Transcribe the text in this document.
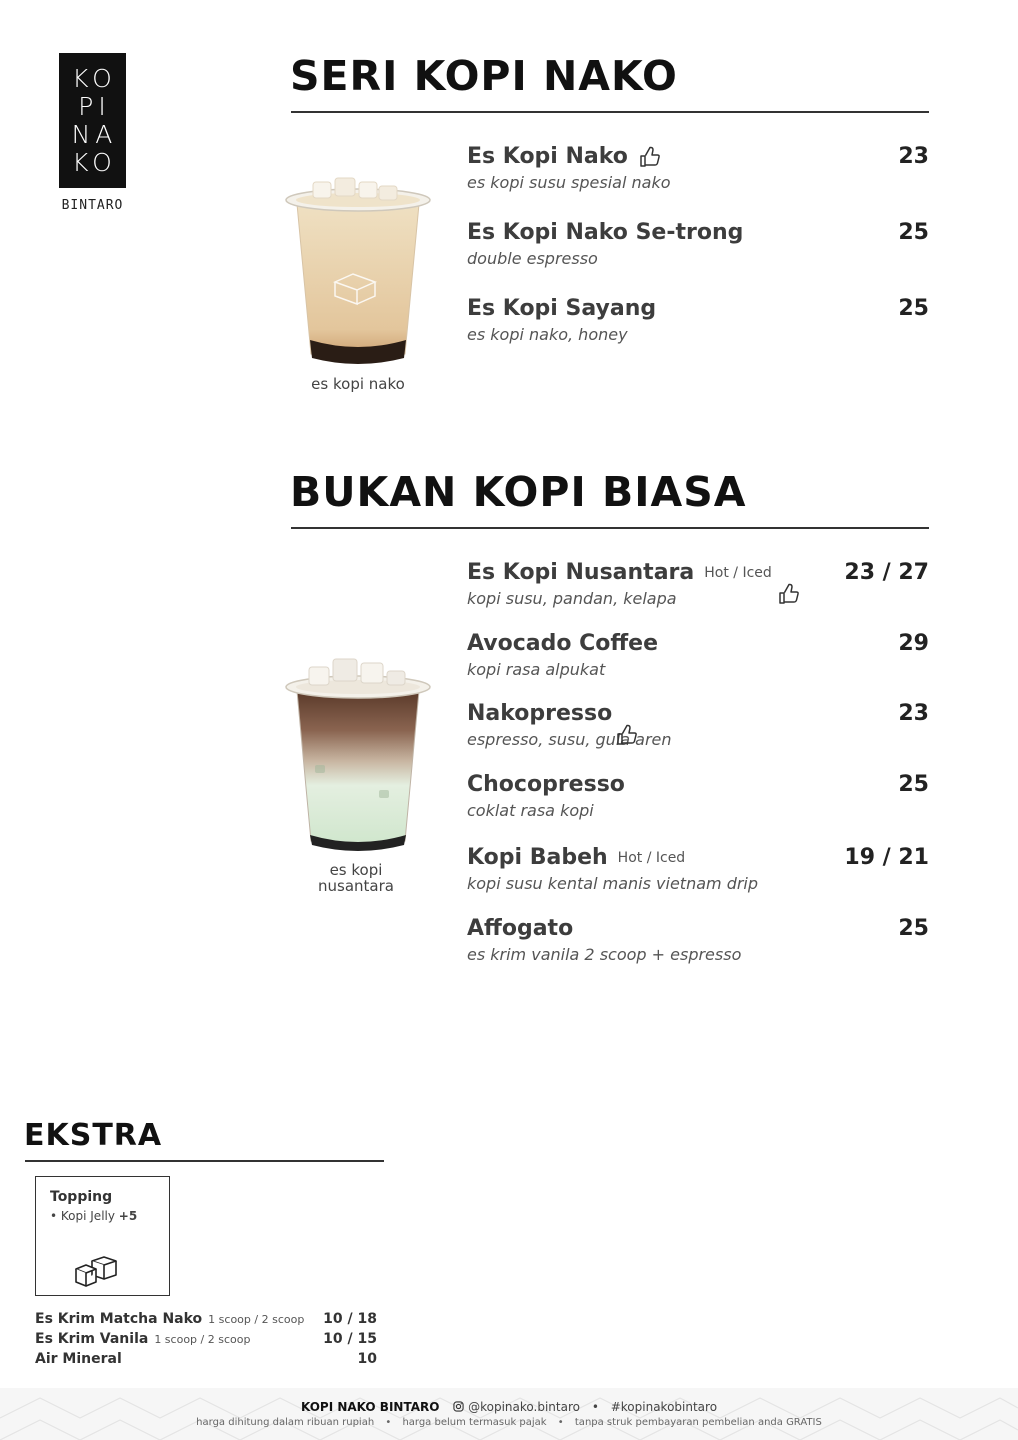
KO
PI
NA
KO
BINTARO
SERI KOPI NAKO
es kopi nako
Es Kopi Nako	23
es kopi susu spesial nako
Es Kopi Nako Se-trong	25
double espresso
Es Kopi Sayang	25
es kopi nako, honey
BUKAN KOPI BIASA
es kopi
nusantara
Es Kopi Nusantara Hot / Iced	23 / 27
kopi susu, pandan, kelapa
Avocado Coffee	29
kopi rasa alpukat
Nakopresso	23
espresso, susu, gula aren
Chocopresso	25
coklat rasa kopi
Kopi Babeh Hot / Iced	19 / 21
kopi susu kental manis vietnam drip
Affogato	25
es krim vanila 2 scoop + espresso
EKSTRA
Topping
• Kopi Jelly +5
Es Krim Matcha Nako 1 scoop / 2 scoop 10 / 18
Es Krim Vanila 1 scoop / 2 scoop	10 / 15
Air Mineral	10
KOPI NAKO BINTARO @kopinako.bintaro • #kopinakobintaro
harga dihitung dalam ribuan rupiah • harga belum termasuk pajak • tanpa struk pembayaran pembelian anda GRATIS
